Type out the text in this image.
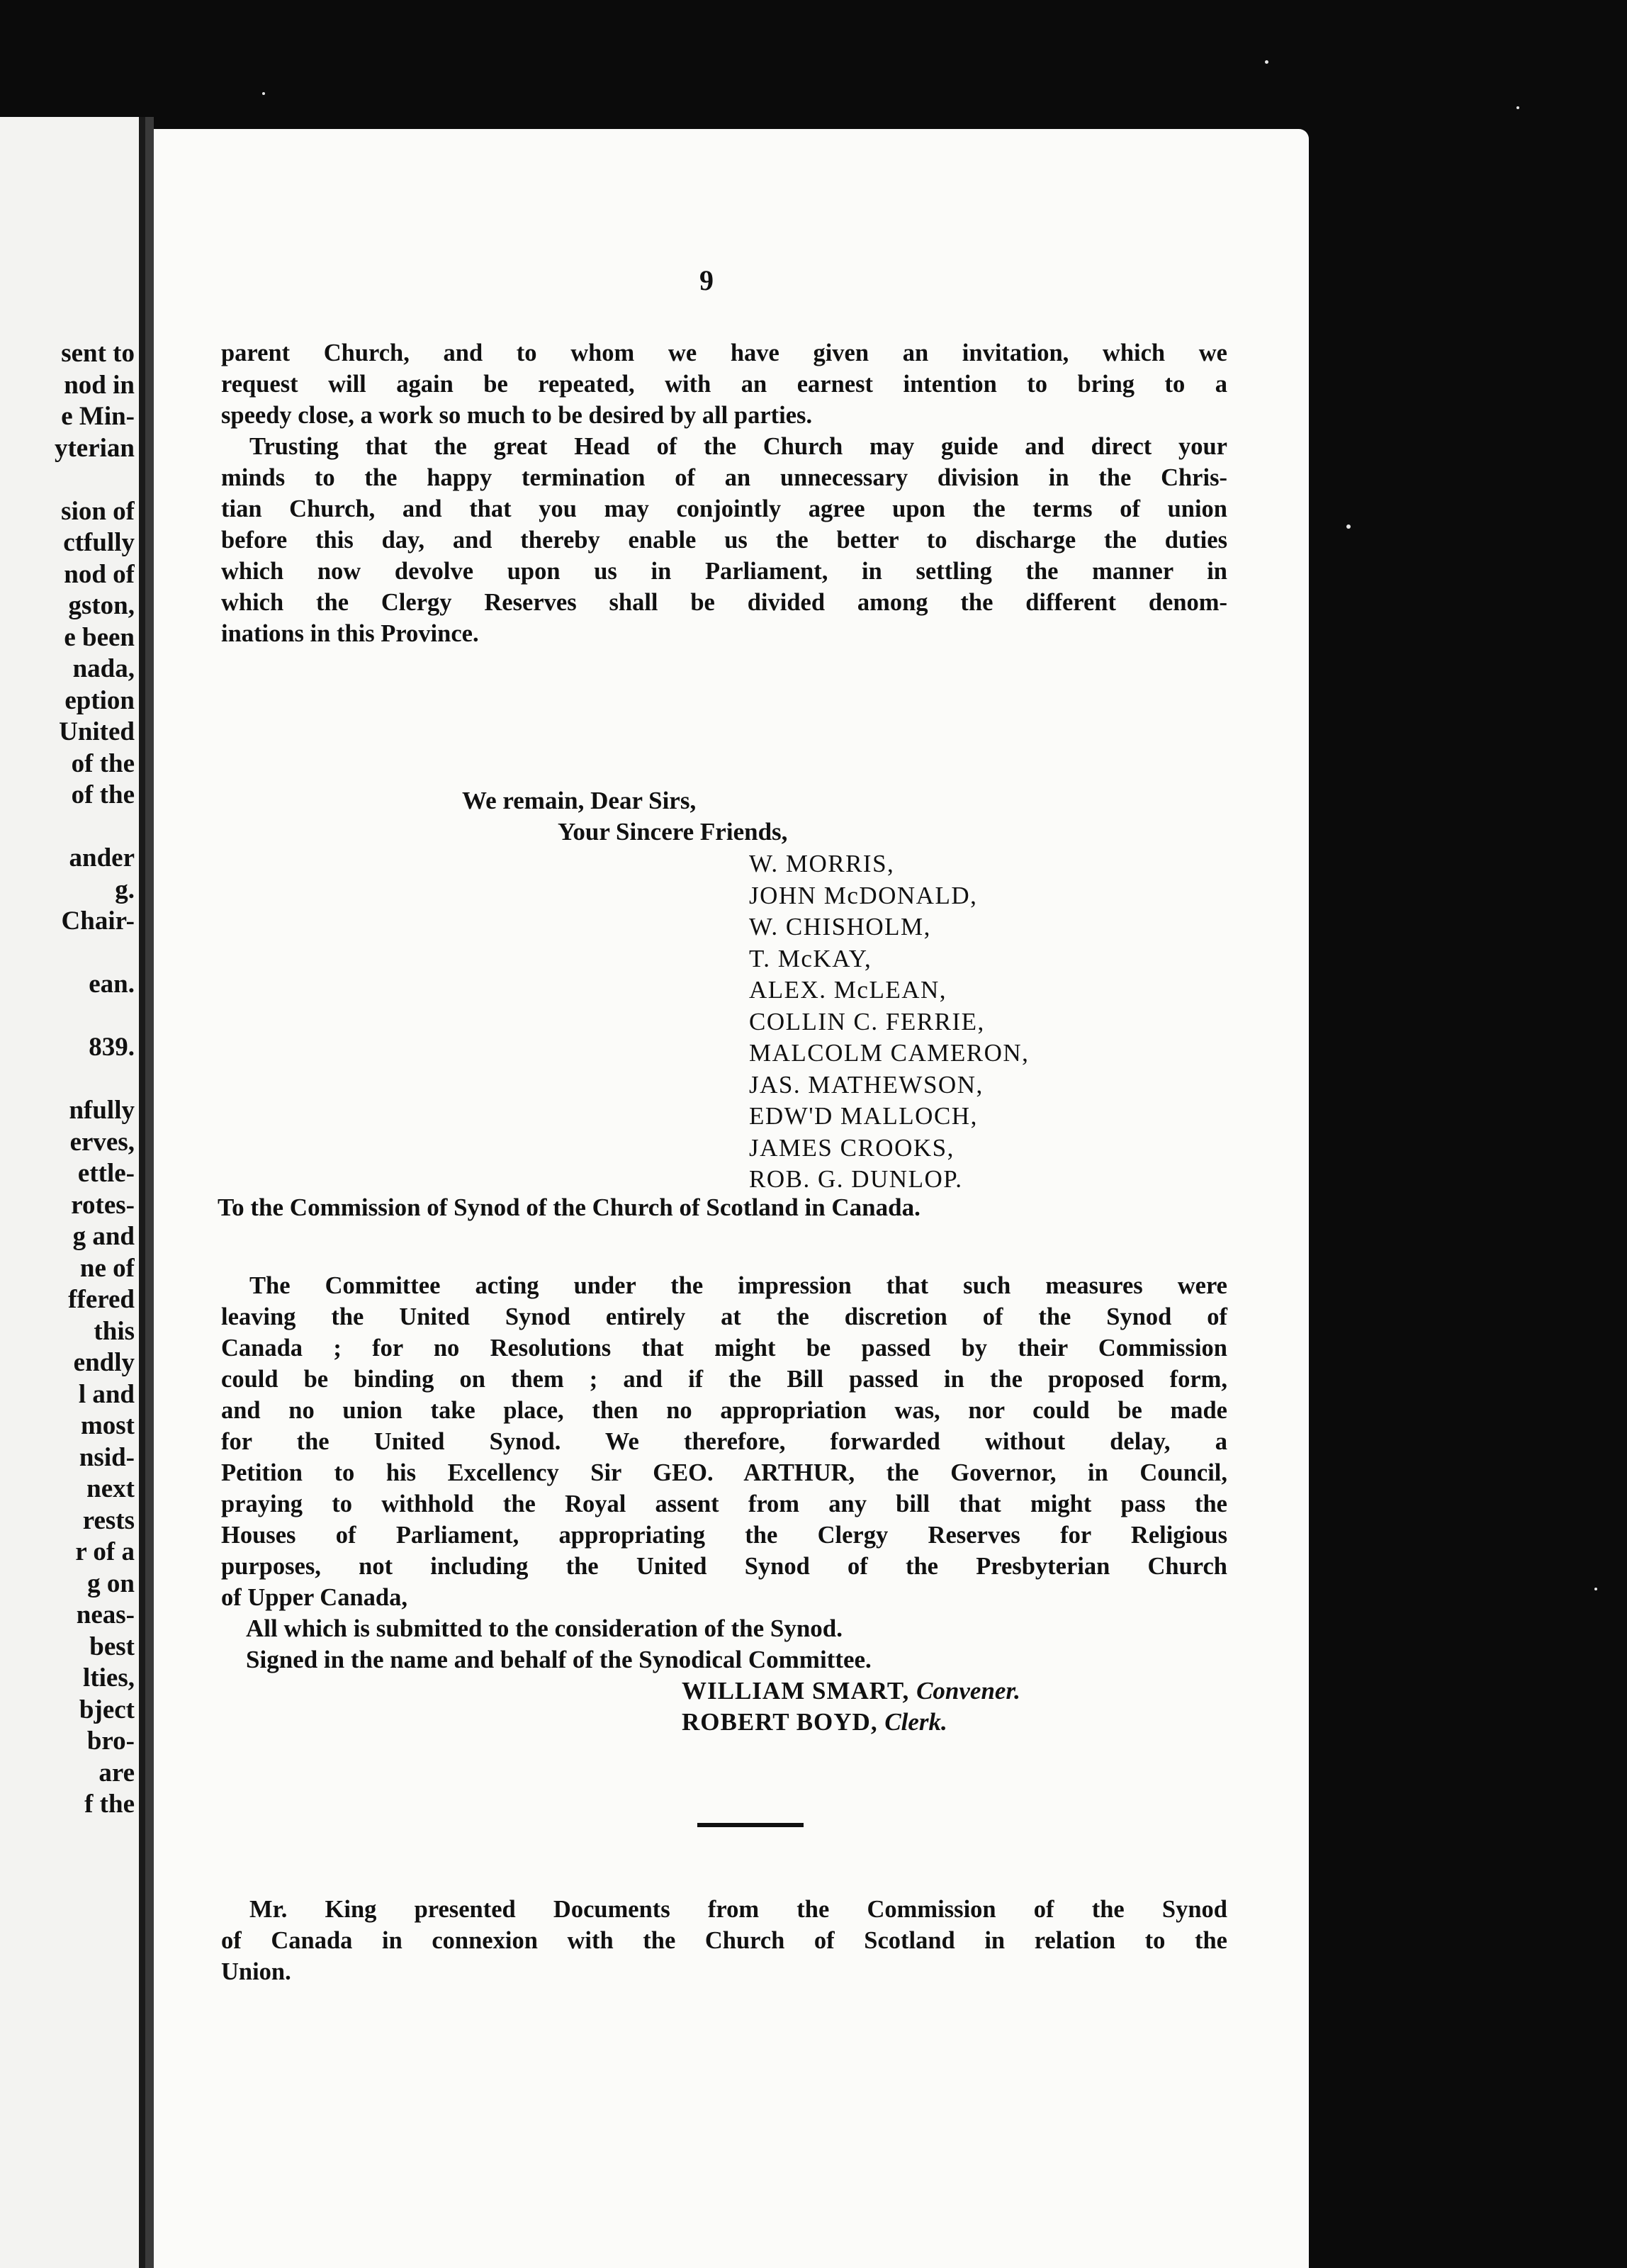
sent to
nod in
e Min-
yterian
sion of
ctfully
nod of
gston,
e been
nada,
eption
United
of the
of the
ander
g.
Chair-
ean.
839.
nfully
erves,
ettle-
rotes-
g and
ne of
ffered
this
endly
l and
most
nsid-
next
rests
r of a
g on
neas-
best
lties,
bject
bro-
are
f the
9
parent Church, and to whom we have given an invitation, which we
request will again be repeated, with an earnest intention to bring to a
speedy close, a work so much to be desired by all parties.
Trusting that the great Head of the Church may guide and direct your
minds to the happy termination of an unnecessary division in the Chris-
tian Church, and that you may conjointly agree upon the terms of union
before this day, and thereby enable us the better to discharge the duties
which now devolve upon us in Parliament, in settling the manner in
which the Clergy Reserves shall be divided among the different denom-
inations in this Province.
We remain, Dear Sirs,
Your Sincere Friends,
W. MORRIS,
JOHN McDONALD,
W. CHISHOLM,
T. McKAY,
ALEX. McLEAN,
COLLIN C. FERRIE,
MALCOLM CAMERON,
JAS. MATHEWSON,
EDW'D MALLOCH,
JAMES CROOKS,
ROB. G. DUNLOP.
To the Commission of Synod of the Church of Scotland in Canada.
The Committee acting under the impression that such measures were
leaving the United Synod entirely at the discretion of the Synod of
Canada ; for no Resolutions that might be passed by their Commission
could be binding on them ; and if the Bill passed in the proposed form,
and no union take place, then no appropriation was, nor could be made
for the United Synod. We therefore, forwarded without delay, a
Petition to his Excellency Sir GEO. ARTHUR, the Governor, in Council,
praying to withhold the Royal assent from any bill that might pass the
Houses of Parliament, appropriating the Clergy Reserves for Religious
purposes, not including the United Synod of the Presbyterian Church
of Upper Canada,
All which is submitted to the consideration of the Synod.
Signed in the name and behalf of the Synodical Committee.
WILLIAM SMART, Convener.
ROBERT BOYD, Clerk.
Mr. King presented Documents from the Commission of the Synod
of Canada in connexion with the Church of Scotland in relation to the
Union.
